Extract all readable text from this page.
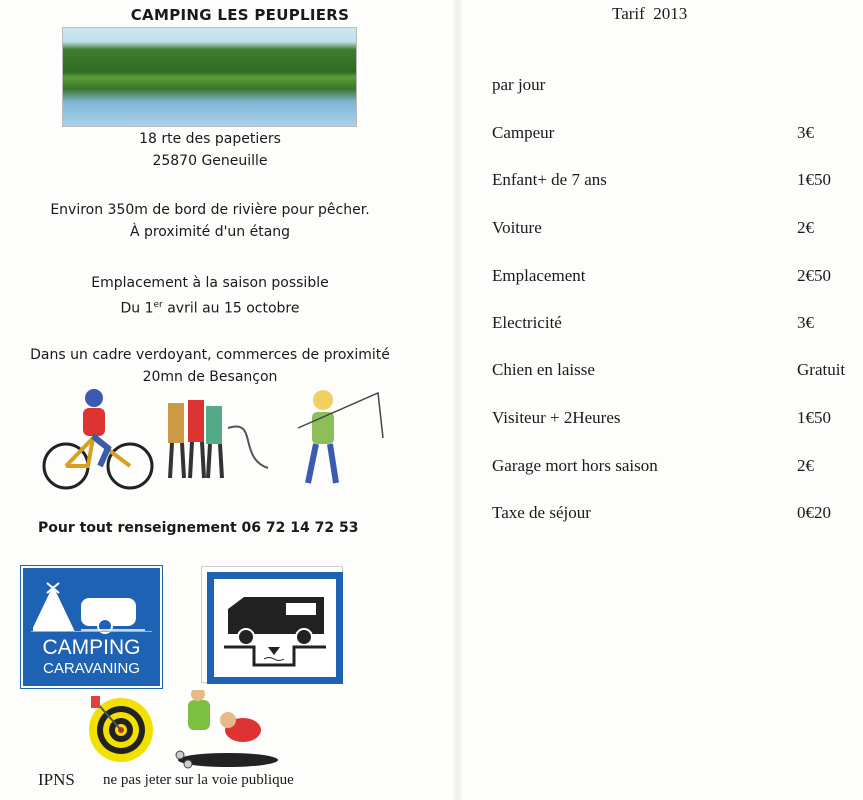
CAMPING LES PEUPLIERS
18 rte des papetiers
25870 Geneuille
Environ 350m de bord de rivière pour pêcher.
À proximité d'un étang
Emplacement à la saison possible
Du 1er avril au 15 octobre
Dans un cadre verdoyant, commerces de proximité
20mn de Besançon
Pour tout renseignement 06 72 14 72 53
CAMPING
CARAVANING
IPNS ne pas jeter sur la voie publique
Tarif  2013
par jour
Campeur	3€
Enfant+ de 7 ans	1€50
Voiture	2€
Emplacement	2€50
Electricité	3€
Chien en laisse	Gratuit
Visiteur + 2Heures	1€50
Garage mort hors saison	2€
Taxe de séjour	0€20
